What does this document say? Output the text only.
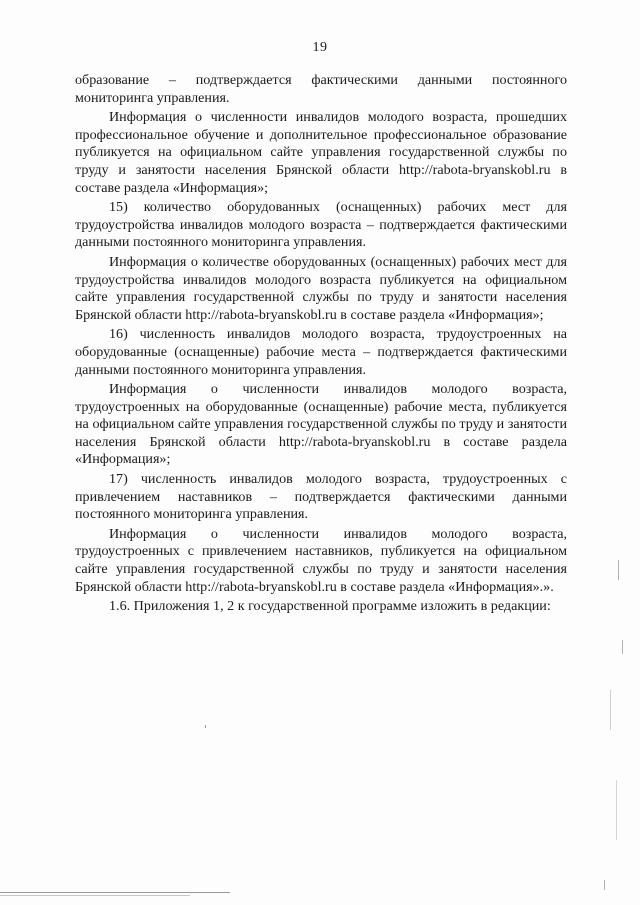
19

образование – подтверждается фактическими данными постоянного мониторинга управления.

Информация о численности инвалидов молодого возраста, прошедших профессиональное обучение и дополнительное профессиональное образование публикуется на официальном сайте управления государственной службы по труду и занятости населения Брянской области http://rabota-bryanskobl.ru в составе раздела «Информация»;

15) количество оборудованных (оснащенных) рабочих мест для трудоустройства инвалидов молодого возраста – подтверждается фактическими данными постоянного мониторинга управления.

Информация о количестве оборудованных (оснащенных) рабочих мест для трудоустройства инвалидов молодого возраста публикуется на официальном сайте управления государственной службы по труду и занятости населения Брянской области http://rabota-bryanskobl.ru в составе раздела «Информация»;

16) численность инвалидов молодого возраста, трудоустроенных на оборудованные (оснащенные) рабочие места – подтверждается фактическими данными постоянного мониторинга управления.

Информация о численности инвалидов молодого возраста, трудоустроенных на оборудованные (оснащенные) рабочие места, публикуется на официальном сайте управления государственной службы по труду и занятости населения Брянской области http://rabota-bryanskobl.ru в составе раздела «Информация»;

17) численность инвалидов молодого возраста, трудоустроенных с привлечением наставников – подтверждается фактическими данными постоянного мониторинга управления.

Информация о численности инвалидов молодого возраста, трудоустроенных с привлечением наставников, публикуется на официальном сайте управления государственной службы по труду и занятости населения Брянской области http://rabota-bryanskobl.ru в составе раздела «Информация».».

1.6. Приложения 1, 2 к государственной программе изложить в редакции:
